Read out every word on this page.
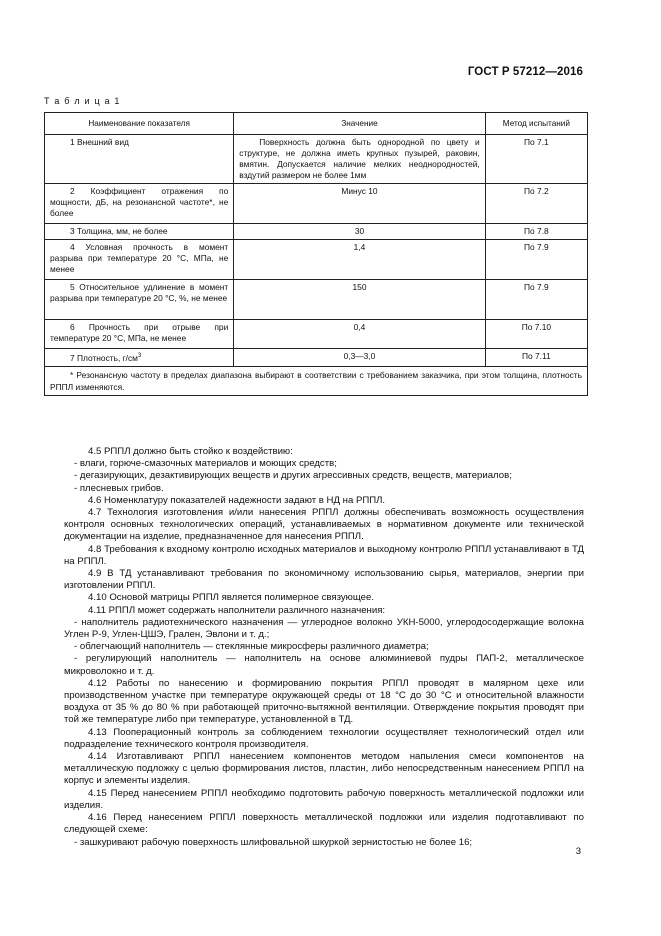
ГОСТ Р 57212—2016
Т а б л и ц а 1
Наименование показателя	Значение	Метод испытаний
1 Внешний вид	Поверхность должна быть однородной по цвету и структуре, не должна иметь крупных пузырей, раковин, вмятин. Допускается наличие мелких неоднородностей, вздутий размером не более 1мм	По 7.1
2 Коэффициент отражения по мощности, дБ, на резонансной частоте*, не более	Минус 10	По 7.2
3 Толщина, мм, не более	30	По 7.8
4 Условная прочность в момент разрыва при температуре 20 °С, МПа, не менее	1,4	По 7.9
5 Относительное удлинение в момент разрыва при температуре 20 °С, %, не менее	150	По 7.9
6 Прочность при отрыве при температуре 20 °С, МПа, не менее	0,4	По 7.10
7 Плотность, $г/см^3$	0,3—3,0	По 7.11
* Резонансную частоту в пределах диапазона выбирают в соответствии с требованием заказчика, при этом толщина, плотность РППЛ изменяются.		

4.5 РППЛ должно быть стойко к воздействию:

- влаги, горюче-смазочных материалов и моющих средств;

- дегазирующих, дезактивирующих веществ и других агрессивных средств, веществ, материалов;

- плесневых грибов.

4.6 Номенклатуру показателей надежности задают в НД на РППЛ.

4.7 Технология изготовления и/или нанесения РППЛ должны обеспечивать возможность осуществления контроля основных технологических операций, устанавливаемых в нормативном документе или технической документации на изделие, предназначенное для нанесения РППЛ.

4.8 Требования к входному контролю исходных материалов и выходному контролю РППЛ устанавливают в ТД на РППЛ.

4.9 В ТД устанавливают требования по экономичному использованию сырья, материалов, энергии при изготовлении РППЛ.

4.10 Основой матрицы РППЛ является полимерное связующее.

4.11 РППЛ может содержать наполнители различного назначения:

- наполнитель радиотехнического назначения — углеродное волокно УКН-5000, углеродосодержащие волокна Углен Р-9, Углен-ЦШЭ, Грален, Эвлони и т. д.;

- облегчающий наполнитель — стеклянные микросферы различного диаметра;

- регулирующий наполнитель — наполнитель на основе алюминиевой пудры ПАП-2, металлическое микроволокно и т. д.

4.12 Работы по нанесению и формированию покрытия РППЛ проводят в малярном цехе или производственном участке при температуре окружающей среды от 18 °С до 30 °С и относительной влажности воздуха от 35 % до 80 % при работающей приточно-вытяжной вентиляции. Отверждение покрытия проводят при той же температуре либо при температуре, установленной в ТД.

4.13 Пооперационный контроль за соблюдением технологии осуществляет технологический отдел или подразделение технического контроля производителя.

4.14 Изготавливают РППЛ нанесением компонентов методом напыления смеси компонентов на металлическую подложку с целью формирования листов, пластин, либо непосредственным нанесением РППЛ на корпус и элементы изделия.

4.15 Перед нанесением РППЛ необходимо подготовить рабочую поверхность металлической подложки или изделия.

4.16 Перед нанесением РППЛ поверхность металлической подложки или изделия подготавливают по следующей схеме:

- зашкуривают рабочую поверхность шлифовальной шкуркой зернистостью не более 16;

3
